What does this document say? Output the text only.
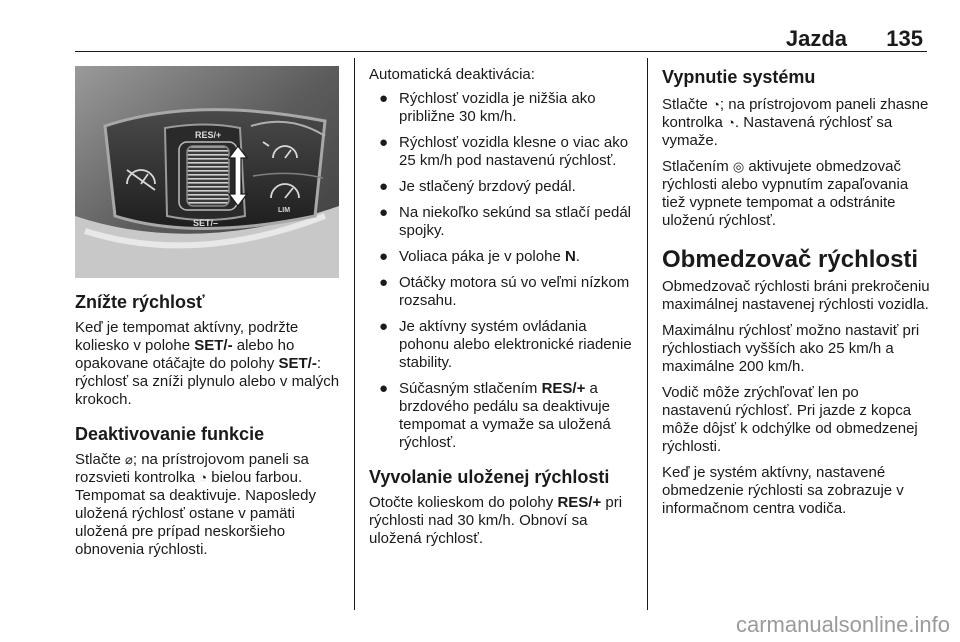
Jazda 135
RES/+
SET/–
LIM
Znížte rýchlosť

Keď je tempomat aktívny, podržte koliesko v polohe SET/- alebo ho opakovane otáčajte do polohy SET/-: rýchlosť sa zníži plynulo alebo v malých krokoch.

Deaktivovanie funkcie

Stlačte ⌀; na prístrojovom paneli sa rozsvieti kontrolka ◔ bielou farbou. Tempomat sa deaktivuje. Naposledy uložená rýchlosť ostane v pamäti uložená pre prípad neskoršieho obnovenia rýchlosti.

Automatická deaktivácia:

● Rýchlosť vozidla je nižšia ako približne 30 km/h.
● Rýchlosť vozidla klesne o viac ako 25 km/h pod nastavenú rýchlosť.
● Je stlačený brzdový pedál.
● Na niekoľko sekúnd sa stlačí pedál spojky.
● Voliaca páka je v polohe N.
● Otáčky motora sú vo veľmi nízkom rozsahu.
● Je aktívny systém ovládania pohonu alebo elektronické riadenie stability.
● Súčasným stlačením RES/+ a brzdového pedálu sa deaktivuje tempomat a vymaže sa uložená rýchlosť.
Vyvolanie uloženej rýchlosti

Otočte kolieskom do polohy RES/+ pri rýchlosti nad 30 km/h. Obnoví sa uložená rýchlosť.

Vypnutie systému

Stlačte ◔; na prístrojovom paneli zhasne kontrolka ◔. Nastavená rýchlosť sa vymaže.

Stlačením ◎ aktivujete obmedzovač rýchlosti alebo vypnutím zapaľovania tiež vypnete tempomat a odstránite uloženú rýchlosť.

Obmedzovač rýchlosti

Obmedzovač rýchlosti bráni prekročeniu maximálnej nastavenej rýchlosti vozidla.

Maximálnu rýchlosť možno nastaviť pri rýchlostiach vyšších ako 25 km/h a maximálne 200 km/h.

Vodič môže zrýchľovať len po nastavenú rýchlosť. Pri jazde z kopca môže dôjsť k odchýlke od obmedzenej rýchlosti.

Keď je systém aktívny, nastavené obmedzenie rýchlosti sa zobrazuje v informačnom centra vodiča.

carmanualsonline.info
